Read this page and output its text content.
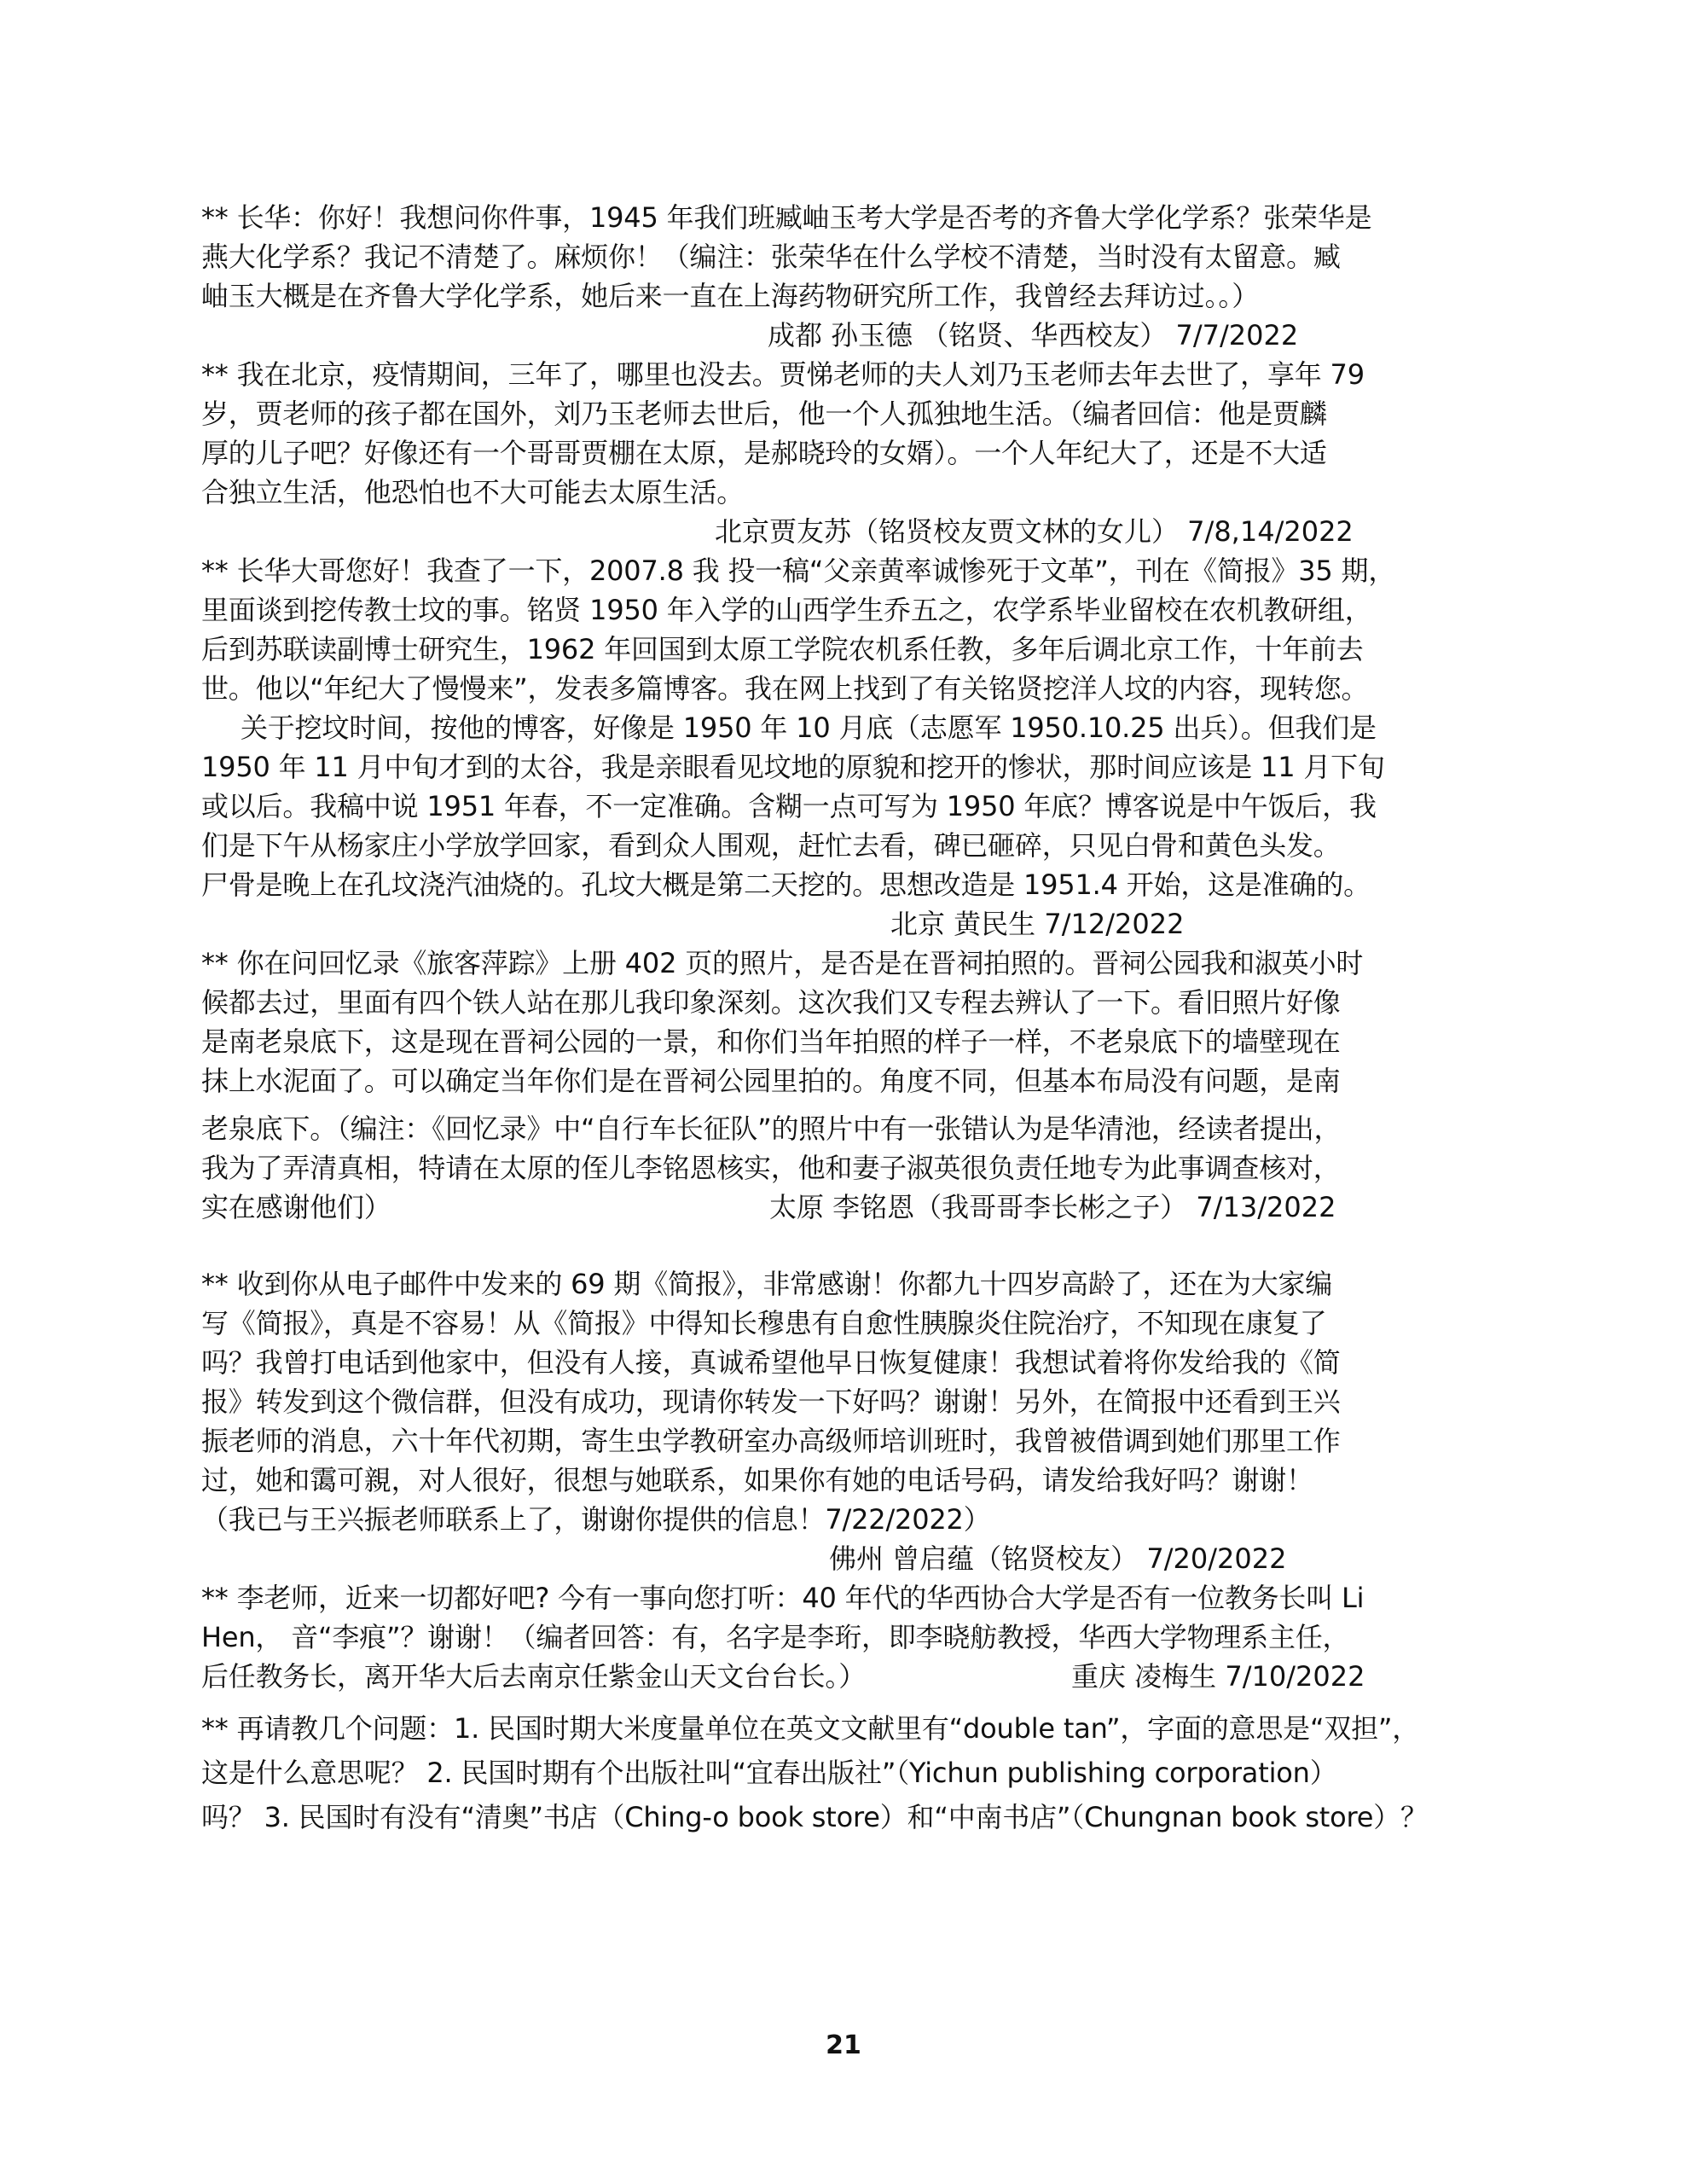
** 长华：你好！我想问你件事，1945 年我们班臧岫玉考大学是否考的齐鲁大学化学系？张荣华是
燕大化学系？我记不清楚了。麻烦你！（编注：张荣华在什么学校不清楚，当时没有太留意。臧
岫玉大概是在齐鲁大学化学系，她后来一直在上海药物研究所工作，我曾经去拜访过。。）
成都 孙玉德 （铭贤、华西校友） 7/7/2022
** 我在北京，疫情期间，三年了，哪里也没去。贾悌老师的夫人刘乃玉老师去年去世了，享年 79
岁，贾老师的孩子都在国外，刘乃玉老师去世后，他一个人孤独地生活。（编者回信：他是贾麟
厚的儿子吧？好像还有一个哥哥贾棚在太原，是郝晓玲的女婿）。一个人年纪大了，还是不大适
合独立生活，他恐怕也不大可能去太原生活。
北京贾友苏（铭贤校友贾文林的女儿） 7/8,14/2022
** 长华大哥您好！我查了一下，2007.8 我 投一稿“父亲黄率诚惨死于文革”，刊在《简报》35 期，
里面谈到挖传教士坟的事。铭贤 1950 年入学的山西学生乔五之，农学系毕业留校在农机教研组，
后到苏联读副博士研究生，1962 年回国到太原工学院农机系任教，多年后调北京工作，十年前去
世。他以“年纪大了慢慢来”，发表多篇博客。我在网上找到了有关铭贤挖洋人坟的内容，现转您。
关于挖坟时间，按他的博客，好像是 1950 年 10 月底（志愿军 1950.10.25 出兵）。但我们是
1950 年 11 月中旬才到的太谷，我是亲眼看见坟地的原貌和挖开的惨状，那时间应该是 11 月下旬
或以后。我稿中说 1951 年春，不一定准确。含糊一点可写为 1950 年底？博客说是中午饭后，我
们是下午从杨家庄小学放学回家，看到众人围观，赶忙去看，碑已砸碎，只见白骨和黄色头发。
尸骨是晚上在孔坟浇汽油烧的。孔坟大概是第二天挖的。思想改造是 1951.4 开始，这是准确的。
北京 黄民生 7/12/2022
** 你在问回忆录《旅客萍踪》上册 402 页的照片，是否是在晋祠拍照的。晋祠公园我和淑英小时
候都去过，里面有四个铁人站在那儿我印象深刻。这次我们又专程去辨认了一下。看旧照片好像
是南老泉底下，这是现在晋祠公园的一景，和你们当年拍照的样子一样，不老泉底下的墙壁现在
抹上水泥面了。可以确定当年你们是在晋祠公园里拍的。角度不同，但基本布局没有问题，是南
老泉底下。（编注：《回忆录》中“自行车长征队”的照片中有一张错认为是华清池，经读者提出，
我为了弄清真相，特请在太原的侄儿李铭恩核实，他和妻子淑英很负责任地专为此事调查核对，
实在感谢他们）	太原 李铭恩（我哥哥李长彬之子） 7/13/2022
** 收到你从电子邮件中发来的 69 期《简报》，非常感谢！你都九十四岁高龄了，还在为大家编
写《简报》，真是不容易！从《简报》中得知长穆患有自愈性胰腺炎住院治疗，不知现在康复了
吗？我曾打电话到他家中，但没有人接，真诚希望他早日恢复健康！我想试着将你发给我的《简
报》转发到这个微信群，但没有成功，现请你转发一下好吗？谢谢！另外，在简报中还看到王兴
振老师的消息，六十年代初期，寄生虫学教研室办高级师培训班时，我曾被借调到她们那里工作
过，她和霭可親，对人很好，很想与她联系，如果你有她的电话号码，请发给我好吗？谢谢！
（我已与王兴振老师联系上了，谢谢你提供的信息！7/22/2022）
佛州 曾启蕴（铭贤校友） 7/20/2022
** 李老师，近来一切都好吧? 今有一事向您打听：40 年代的华西协合大学是否有一位教务长叫 Li
Hen， 音“李痕”？谢谢！（编者回答：有，名字是李珩，即李晓舫教授，华西大学物理系主任，
后任教务长，离开华大后去南京任紫金山天文台台长。）	重庆 凌梅生 7/10/2022
** 再请教几个问题：1. 民国时期大米度量单位在英文文献里有“double tan”，字面的意思是“双担”，
这是什么意思呢？ 2. 民国时期有个出版社叫“宜春出版社”（Yichun publishing corporation）
吗？ 3. 民国时有没有“清奥”书店（Ching-o book store）和“中南书店”（Chungnan book store）？
21
